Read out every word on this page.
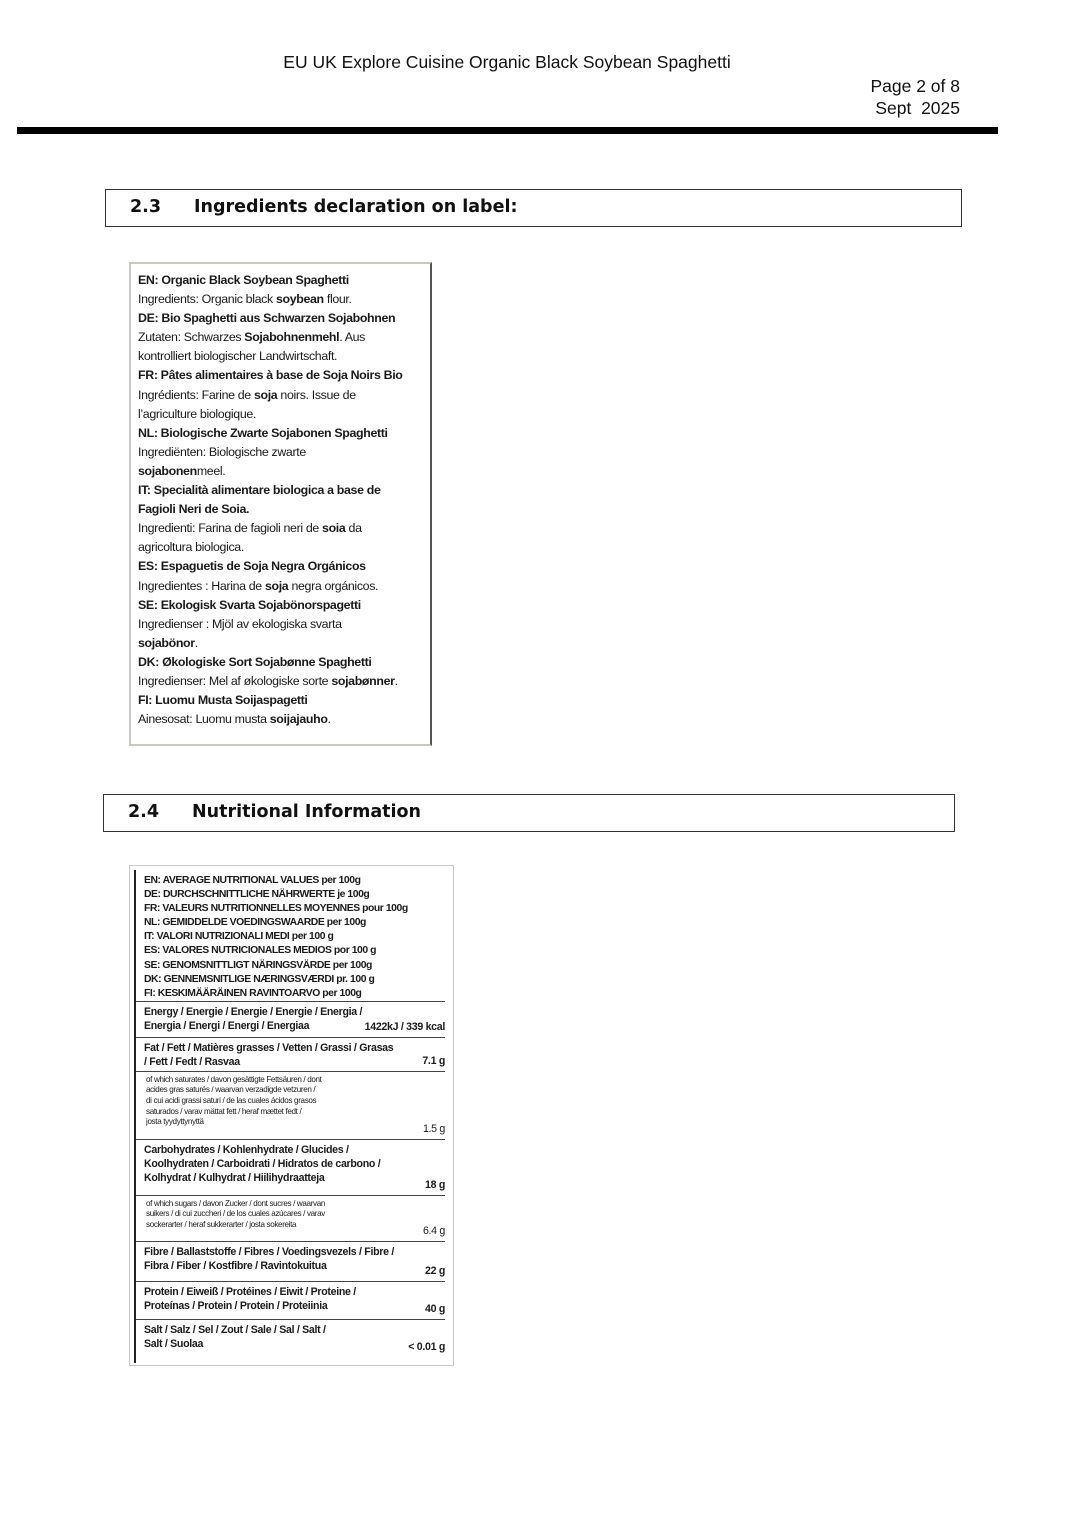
EU UK Explore Cuisine Organic Black Soybean Spaghetti
Page 2 of 8
Sept  2025
2.3 Ingredients declaration on label:
EN: Organic Black Soybean Spaghetti
Ingredients: Organic black soybean flour.
DE: Bio Spaghetti aus Schwarzen Sojabohnen
Zutaten: Schwarzes Sojabohnenmehl. Aus
kontrolliert biologischer Landwirtschaft.
FR: Pâtes alimentaires à base de Soja Noirs Bio
Ingrédients: Farine de soja noirs. Issue de
l’agriculture biologique.
NL: Biologische Zwarte Sojabonen Spaghetti
Ingrediënten: Biologische zwarte
sojabonenmeel.
IT: Specialità alimentare biologica a base de
Fagioli Neri de Soia.
Ingredienti: Farina de fagioli neri de soia da
agricoltura biologica.
ES: Espaguetis de Soja Negra Orgánicos
Ingredientes : Harina de soja negra orgánicos.
SE: Ekologisk Svarta Sojabönorspagetti
Ingredienser : Mjöl av ekologiska svarta
sojabönor.
DK: Økologiske Sort Sojabønne Spaghetti
Ingredienser: Mel af økologiske sorte sojabønner.
FI: Luomu Musta Soijaspagetti
Ainesosat: Luomu musta soijajauho.
2.4 Nutritional Information
EN: AVERAGE NUTRITIONAL VALUES per 100g
DE: DURCHSCHNITTLICHE NÄHRWERTE je 100g
FR: VALEURS NUTRITIONNELLES MOYENNES pour 100g
NL: GEMIDDELDE VOEDINGSWAARDE per 100g
IT: VALORI NUTRIZIONALI MEDI per 100 g
ES: VALORES NUTRICIONALES MEDIOS por 100 g
SE: GENOMSNITTLIGT NÄRINGSVÄRDE per 100g
DK: GENNEMSNITLIGE NÆRINGSVÆRDI pr. 100 g
FI: KESKIMÄÄRÄINEN RAVINTOARVO per 100g
Energy / Energie / Energie / Energie / Energia /
Energia / Energi / Energi / Energiaa	1422kJ / 339 kcal
Fat / Fett / Matières grasses / Vetten / Grassi / Grasas
/ Fett / Fedt / Rasvaa	7.1 g
of which saturates / davon gesättigte Fettsäuren / dont
acides gras saturés / waarvan verzadigde vetzuren /
di cui acidi grassi saturi / de las cuales ácidos grasos
saturados / varav mättat fett / heraf mættet fedt /
josta tyydyttynyttä
1.5 g
Carbohydrates / Kohlenhydrate / Glucides /
Koolhydraten / Carboidrati / Hidratos de carbono /
Kolhydrat / Kulhydrat / Hiilihydraatteja
18 g
of which sugars / davon Zucker / dont sucres / waarvan
suikers / di cui zuccheri / de los cuales azúcares / varav
sockerarter / heraf sukkerarter / josta sokereita
6.4 g
Fibre / Ballaststoffe / Fibres / Voedingsvezels / Fibre /
Fibra / Fiber / Kostfibre / Ravintokuitua	22 g
Protein / Eiweiß / Protéines / Eiwit / Proteine /
Proteínas / Protein / Protein / Proteiinia	40 g
Salt / Salz / Sel / Zout / Sale / Sal / Salt /
Salt / Suolaa	< 0.01 g
